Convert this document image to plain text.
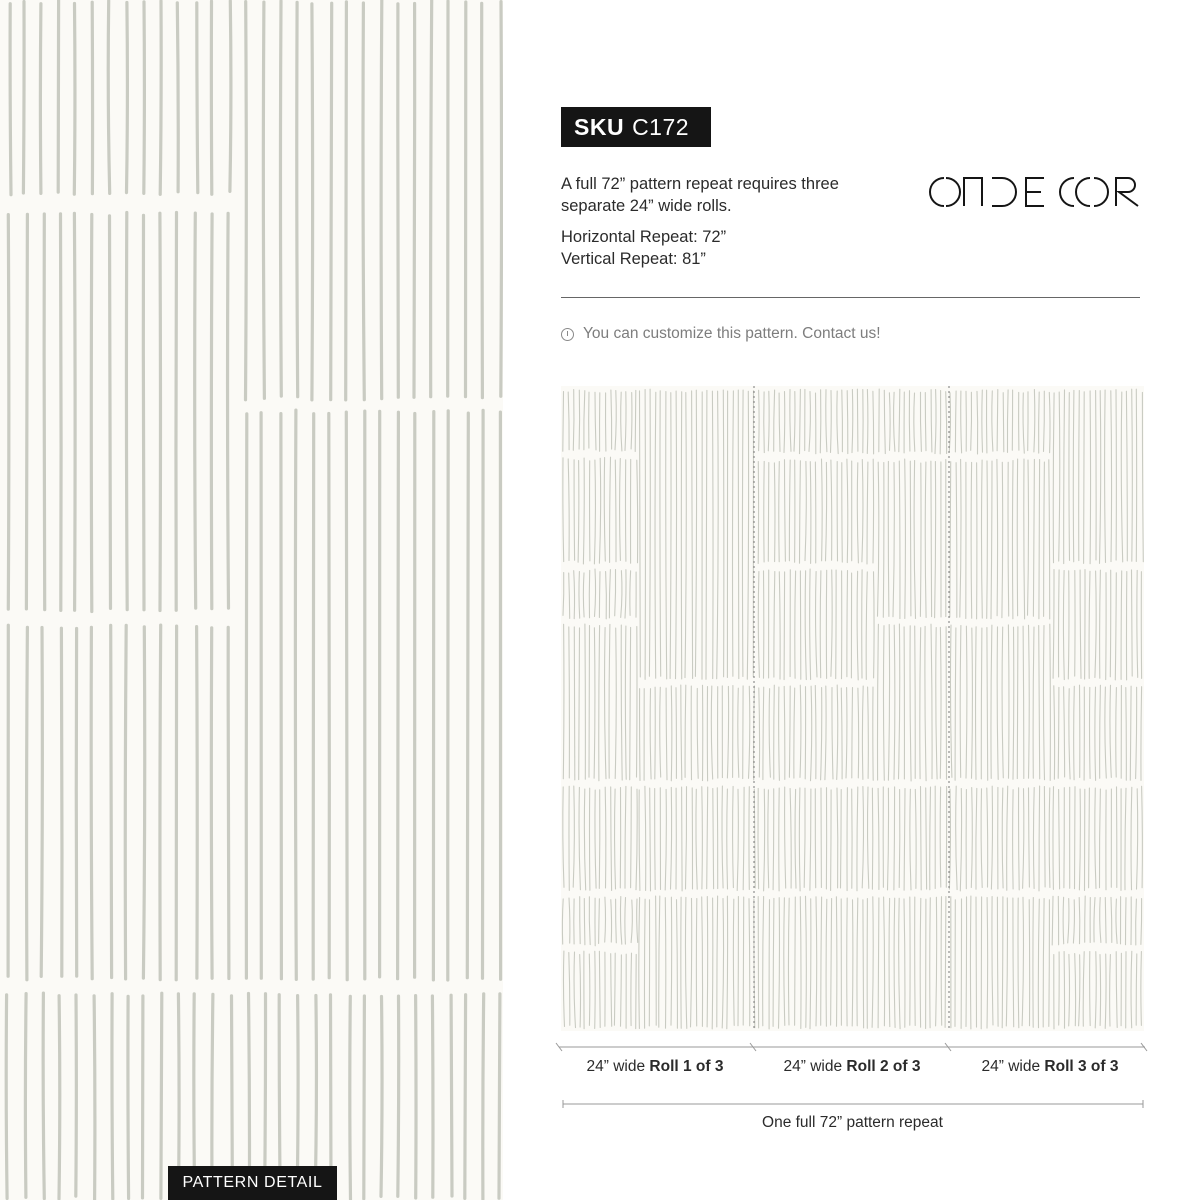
PATTERN DETAIL
SKU C172
A full 72” pattern repeat requires three separate 24” wide rolls.
Horizontal Repeat: 72”
Vertical Repeat: 81”
You can customize this pattern. Contact us!
24” wide Roll 1 of 3	24” wide Roll 2 of 3	24” wide Roll 3 of 3
One full 72” pattern repeat
